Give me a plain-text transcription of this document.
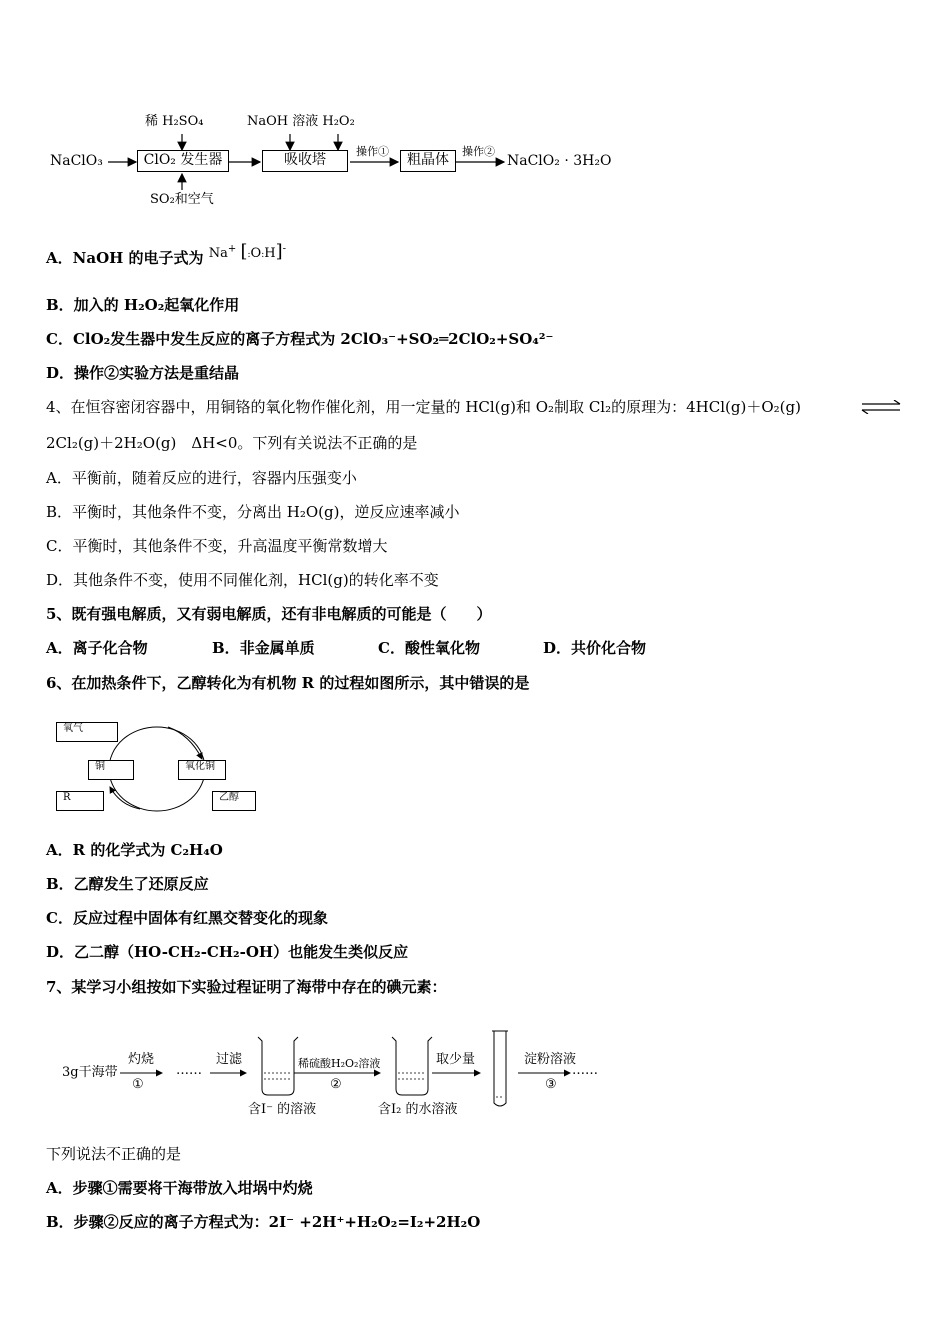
NaClO₃	ClO₂ 发生器
稀 H₂SO₄
SO₂和空气
吸收塔
NaOH 溶液 H₂O₂
操作①
粗晶体
操作②
NaClO₂ · 3H₂O
A．NaOH 的电子式为 Na+ [:O:H]-
B．加入的 H₂O₂起氧化作用
C．ClO₂发生器中发生反应的离子方程式为 2ClO₃⁻+SO₂═2ClO₂+SO₄²⁻
D．操作②实验方法是重结晶
4、在恒容密闭容器中，用铜铬的氧化物作催化剂，用一定量的 HCl(g)和 O₂制取 Cl₂的原理为：4HCl(g)＋O₂(g)
2Cl₂(g)＋2H₂O(g)　ΔH<0。下列有关说法不正确的是
A．平衡前，随着反应的进行，容器内压强变小
B．平衡时，其他条件不变，分离出 H₂O(g)，逆反应速率减小
C．平衡时，其他条件不变，升高温度平衡常数增大
D．其他条件不变，使用不同催化剂，HCl(g)的转化率不变
5、既有强电解质，又有弱电解质，还有非电解质的可能是（　　）
A．离子化合物	B．非金属单质	C．酸性氧化物	D．共价化合物
6、在加热条件下，乙醇转化为有机物 R 的过程如图所示，其中错误的是
氧气
铜	氧化铜
R	乙醇
A．R 的化学式为 C₂H₄O
B．乙醇发生了还原反应
C．反应过程中固体有红黑交替变化的现象
D．乙二醇（HO-CH₂-CH₂-OH）也能发生类似反应
7、某学习小组按如下实验过程证明了海带中存在的碘元素：
3g干海带
灼烧
①
……
过滤	稀硫酸H₂O₂溶液
②
取少量	淀粉溶液
③
……
含I⁻ 的溶液	含I₂ 的水溶液
下列说法不正确的是
A．步骤①需要将干海带放入坩埚中灼烧
B．步骤②反应的离子方程式为：2I⁻ +2H⁺+H₂O₂=I₂+2H₂O
